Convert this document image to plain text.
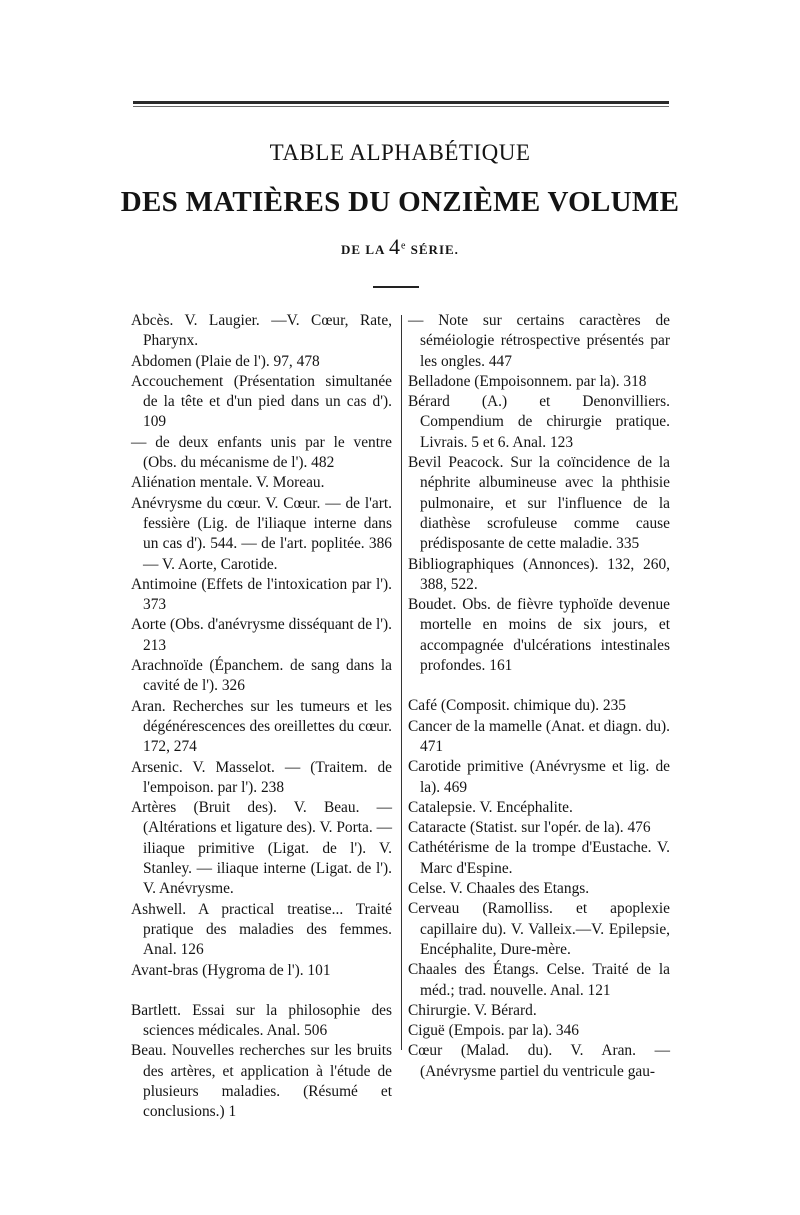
TABLE ALPHABÉTIQUE
DES MATIÈRES DU ONZIÈME VOLUME
DE LA 4e SÉRIE.

Abcès. V. Laugier. —V. Cœur, Rate, Pharynx.

Abdomen (Plaie de l'). 97, 478

Accouchement (Présentation simultanée de la tête et d'un pied dans un cas d'). 109

— de deux enfants unis par le ventre (Obs. du mécanisme de l'). 482

Aliénation mentale. V. Moreau.

Anévrysme du cœur. V. Cœur. — de l'art. fessière (Lig. de l'iliaque interne dans un cas d'). 544. — de l'art. poplitée. 386 — V. Aorte, Carotide.

Antimoine (Effets de l'intoxication par l'). 373

Aorte (Obs. d'anévrysme disséquant de l'). 213

Arachnoïde (Épanchem. de sang dans la cavité de l'). 326

Aran. Recherches sur les tumeurs et les dégénérescences des oreillettes du cœur. 172, 274

Arsenic. V. Masselot. — (Traitem. de l'empoison. par l'). 238

Artères (Bruit des). V. Beau. — (Altérations et ligature des). V. Porta. — iliaque primitive (Ligat. de l'). V. Stanley. — iliaque interne (Ligat. de l'). V. Anévrysme.

Ashwell. A practical treatise... Traité pratique des maladies des femmes. Anal. 126

Avant-bras (Hygroma de l'). 101

Bartlett. Essai sur la philosophie des sciences médicales. Anal. 506

Beau. Nouvelles recherches sur les bruits des artères, et application à l'étude de plusieurs maladies. (Résumé et conclusions.) 1

— Note sur certains caractères de séméiologie rétrospective présentés par les ongles. 447

Belladone (Empoisonnem. par la). 318

Bérard (A.) et Denonvilliers. Compendium de chirurgie pratique. Livrais. 5 et 6. Anal. 123

Bevil Peacock. Sur la coïncidence de la néphrite albumineuse avec la phthisie pulmonaire, et sur l'influence de la diathèse scrofuleuse comme cause prédisposante de cette maladie. 335

Bibliographiques (Annonces). 132, 260, 388, 522.

Boudet. Obs. de fièvre typhoïde devenue mortelle en moins de six jours, et accompagnée d'ulcérations intestinales profondes. 161

Café (Composit. chimique du). 235

Cancer de la mamelle (Anat. et diagn. du). 471

Carotide primitive (Anévrysme et lig. de la). 469

Catalepsie. V. Encéphalite.

Cataracte (Statist. sur l'opér. de la). 476

Cathétérisme de la trompe d'Eustache. V. Marc d'Espine.

Celse. V. Chaales des Etangs.

Cerveau (Ramolliss. et apoplexie capillaire du). V. Valleix.—V. Epilepsie, Encéphalite, Dure-mère.

Chaales des Étangs. Celse. Traité de la méd.; trad. nouvelle. Anal. 121

Chirurgie. V. Bérard.

Ciguë (Empois. par la). 346

Cœur (Malad. du). V. Aran. — (Anévrysme partiel du ventricule gau-
